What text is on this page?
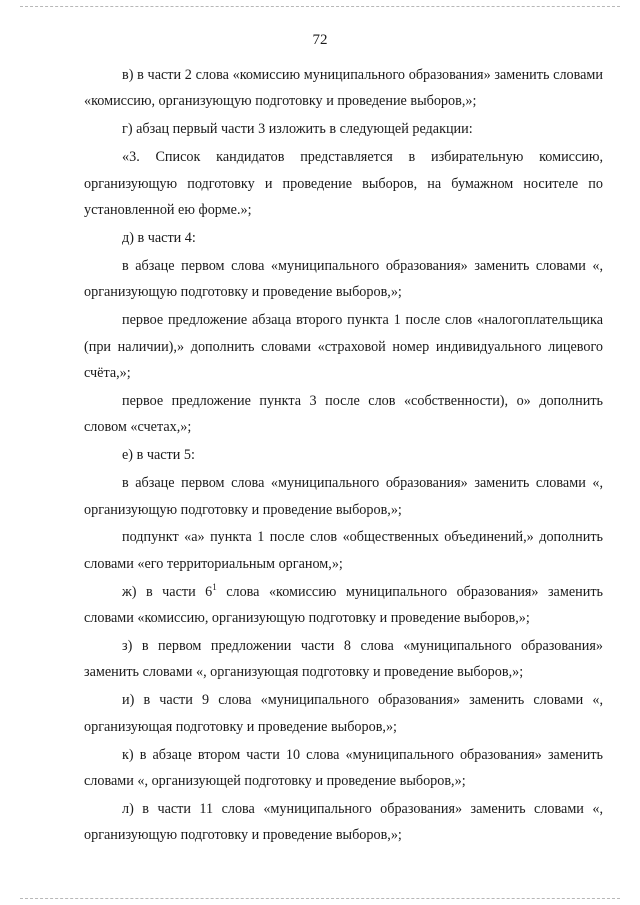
72

в) в части 2 слова «комиссию муниципального образования» заменить словами «комиссию, организующую подготовку и проведение выборов,»;

г) абзац первый части 3 изложить в следующей редакции:

«3. Список кандидатов представляется в избирательную комиссию, организующую подготовку и проведение выборов, на бумажном носителе по установленной ею форме.»;

д) в части 4:

в абзаце первом слова «муниципального образования» заменить словами «, организующую подготовку и проведение выборов,»;

первое предложение абзаца второго пункта 1 после слов «налогоплательщика (при наличии),» дополнить словами «страховой номер индивидуального лицевого счёта,»;

первое предложение пункта 3 после слов «собственности), о» дополнить словом «счетах,»;

е) в части 5:

в абзаце первом слова «муниципального образования» заменить словами «, организующую подготовку и проведение выборов,»;

подпункт «а» пункта 1 после слов «общественных объединений,» дополнить словами «его территориальным органом,»;

ж) в части $6^1$ слова «комиссию муниципального образования» заменить словами «комиссию, организующую подготовку и проведение выборов,»;

з) в первом предложении части 8 слова «муниципального образования» заменить словами «, организующая подготовку и проведение выборов,»;

и) в части 9 слова «муниципального образования» заменить словами «, организующая подготовку и проведение выборов,»;

к) в абзаце втором части 10 слова «муниципального образования» заменить словами «, организующей подготовку и проведение выборов,»;

л) в части 11 слова «муниципального образования» заменить словами «, организующую подготовку и проведение выборов,»;
